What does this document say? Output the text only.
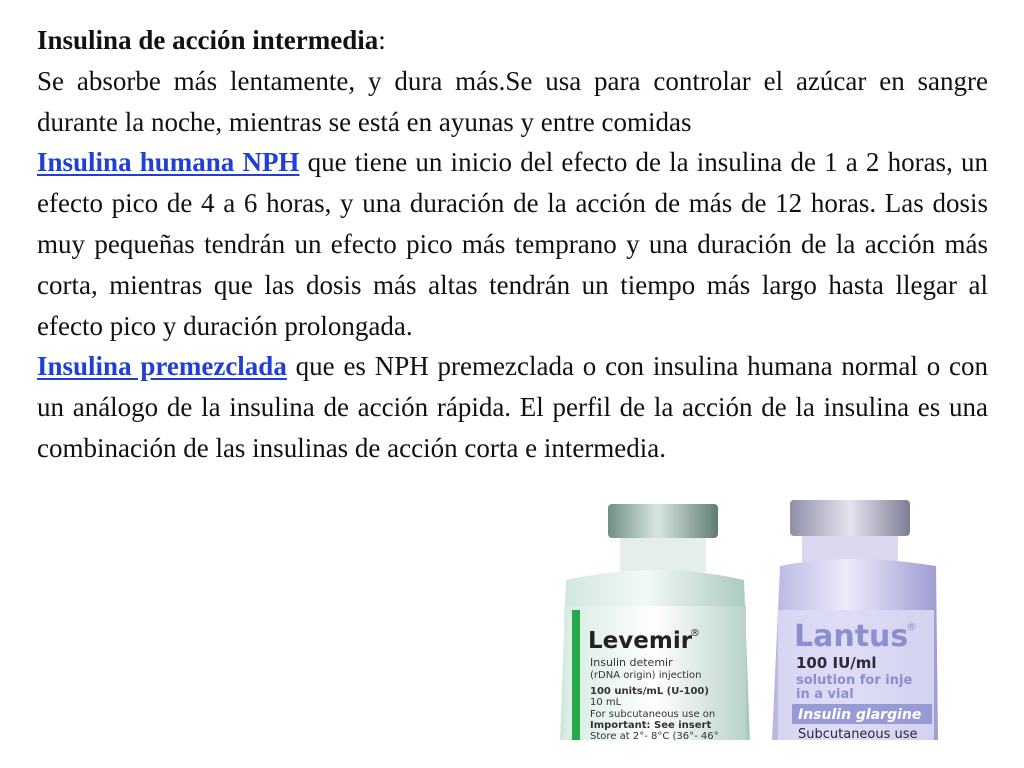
Insulina de acción intermedia:
Se absorbe más lentamente, y dura más.Se usa para controlar el azúcar en sangre durante la noche, mientras se está en ayunas y entre comidas

Insulina humana NPH que tiene un inicio del efecto de la insulina de 1 a 2 horas, un efecto pico de 4 a 6 horas, y una duración de la acción de más de 12 horas. Las dosis muy pequeñas tendrán un efecto pico más temprano y una duración de la acción más corta, mientras que las dosis más altas tendrán un tiempo más largo hasta llegar al efecto pico y duración prolongada.

Insulina premezclada que es NPH premezclada o con insulina humana normal o con un análogo de la insulina de acción rápida. El perfil de la acción de la insulina es una combinación de las insulinas de acción corta e intermedia.

Lantus
®
100 IU/ml
solution for inje
in a vial
Insulin glargine
Subcutaneous use
Levemir
®
Insulin detemir
(rDNA origin) injection
100 units/mL (U-100)
10 mL
For subcutaneous use on
Important: See insert
Store at 2°- 8°C (36°- 46°
